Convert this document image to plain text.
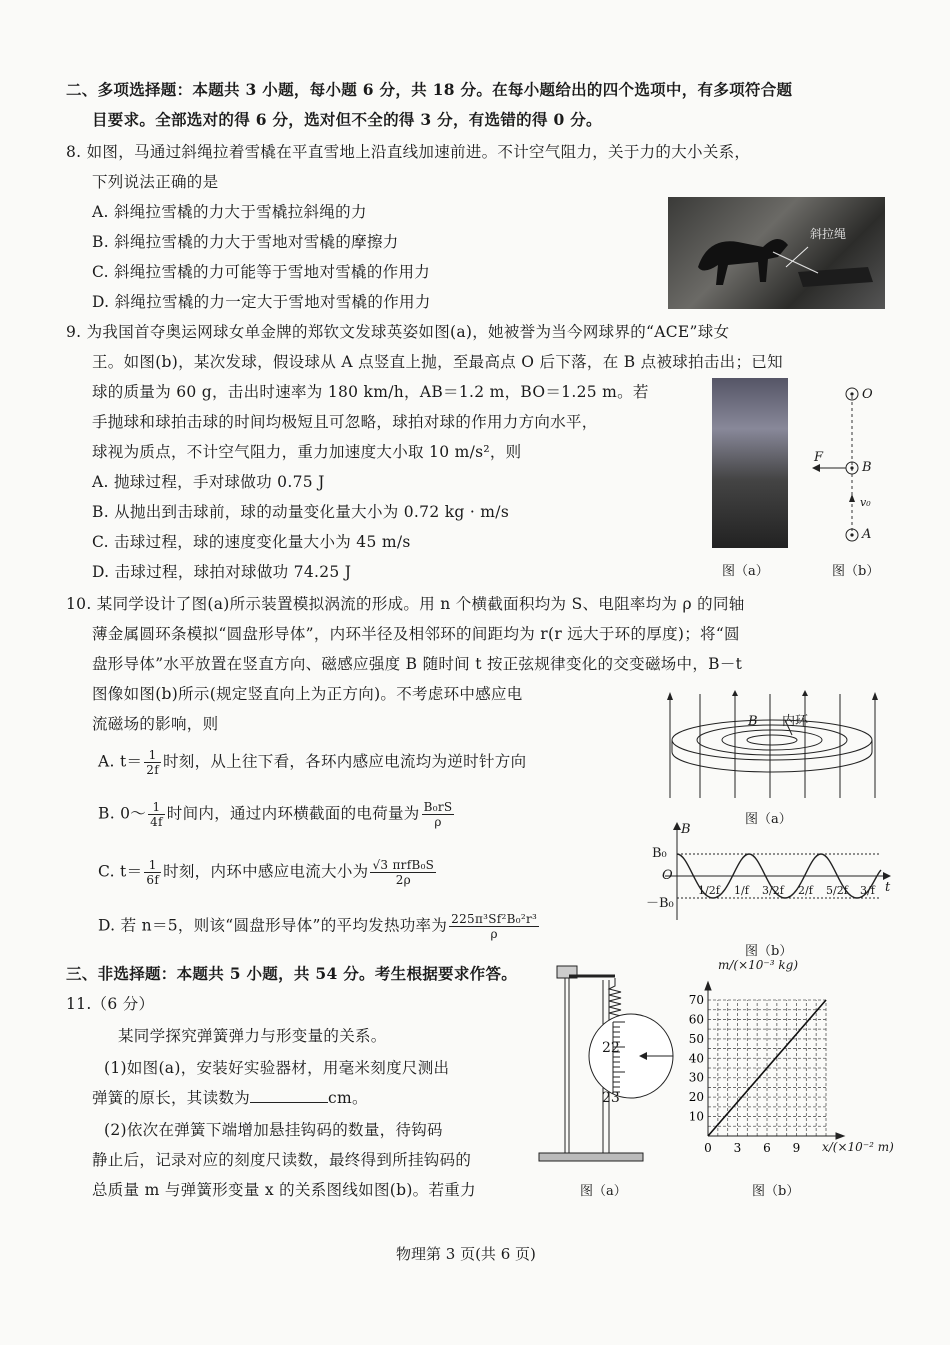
二、多项选择题：本题共 3 小题，每小题 6 分，共 18 分。在每小题给出的四个选项中，有多项符合题
目要求。全部选对的得 6 分，选对但不全的得 3 分，有选错的得 0 分。
8. 如图，马通过斜绳拉着雪橇在平直雪地上沿直线加速前进。不计空气阻力，关于力的大小关系，
下列说法正确的是
A. 斜绳拉雪橇的力大于雪橇拉斜绳的力
B. 斜绳拉雪橇的力大于雪地对雪橇的摩擦力
C. 斜绳拉雪橇的力可能等于雪地对雪橇的作用力
D. 斜绳拉雪橇的力一定大于雪地对雪橇的作用力
斜拉绳
9. 为我国首夺奥运网球女单金牌的郑钦文发球英姿如图(a)，她被誉为当今网球界的“ACE”球女
王。如图(b)，某次发球，假设球从 A 点竖直上抛，至最高点 O 后下落，在 B 点被球拍击出；已知
球的质量为 60 g，击出时速率为 180 km/h，AB＝1.2 m，BO＝1.25 m。若
手抛球和球拍击球的时间均极短且可忽略，球拍对球的作用力方向水平，
球视为质点，不计空气阻力，重力加速度大小取 10 m/s²，则
A. 抛球过程，手对球做功 0.75 J
B. 从抛出到击球前，球的动量变化量大小为 0.72 kg · m/s
C. 击球过程，球的速度变化量大小为 45 m/s
D. 击球过程，球拍对球做功 74.25 J	图（a）
O
B
A
F
v₀
图（b）
10. 某同学设计了图(a)所示装置模拟涡流的形成。用 n 个横截面积均为 S、电阻率均为 ρ 的同轴
薄金属圆环条模拟“圆盘形导体”，内环半径及相邻环的间距均为 r(r 远大于环的厚度)；将“圆
盘形导体”水平放置在竖直方向、磁感应强度 B 随时间 t 按正弦规律变化的交变磁场中，B－t
图像如图(b)所示(规定竖直向上为正方向)。不考虑环中感应电
流磁场的影响，则
A. $t= \frac{1}{2f}$ 时刻，从上往下看，各环内感应电流均为逆时针方向
B. 0～ $\frac{1}{4f}$ 时间内，通过内环横截面的电荷量为 $\frac{\text{B₀rS}}{\rho}$
C. $t= \frac{1}{6f}$ 时刻，内环中感应电流大小为 $\frac{\text{√3 πrfB₀S}}{2\rho}$
D. 若 n＝5，则该“圆盘形导体”的平均发热功率为 $\frac{\text{225π³Sf²B₀²r³}}{\rho}$
B 内环
图（a）
B
t
B₀
O
－B₀
1/2f 1/f 3/2f 2/f 5/2f 3/f
图（b）
三、非选择题：本题共 5 小题，共 54 分。考生根据要求作答。
11.（6 分）
某同学探究弹簧弹力与形变量的关系。
(1)如图(a)，安装好实验器材，用毫米刻度尺测出
弹簧的原长，其读数为	cm。
(2)依次在弹簧下端增加悬挂钩码的数量，待钩码
静止后，记录对应的刻度尺读数，最终得到所挂钩码的
总质量 m 与弹簧形变量 x 的关系图线如图(b)。若重力
22
23
图（a）
10
20
30
40
50
60
70
0 3 6 9
m/(×10⁻³ kg)
x/(×10⁻² m)
图（b）
物理第 3 页(共 6 页)
